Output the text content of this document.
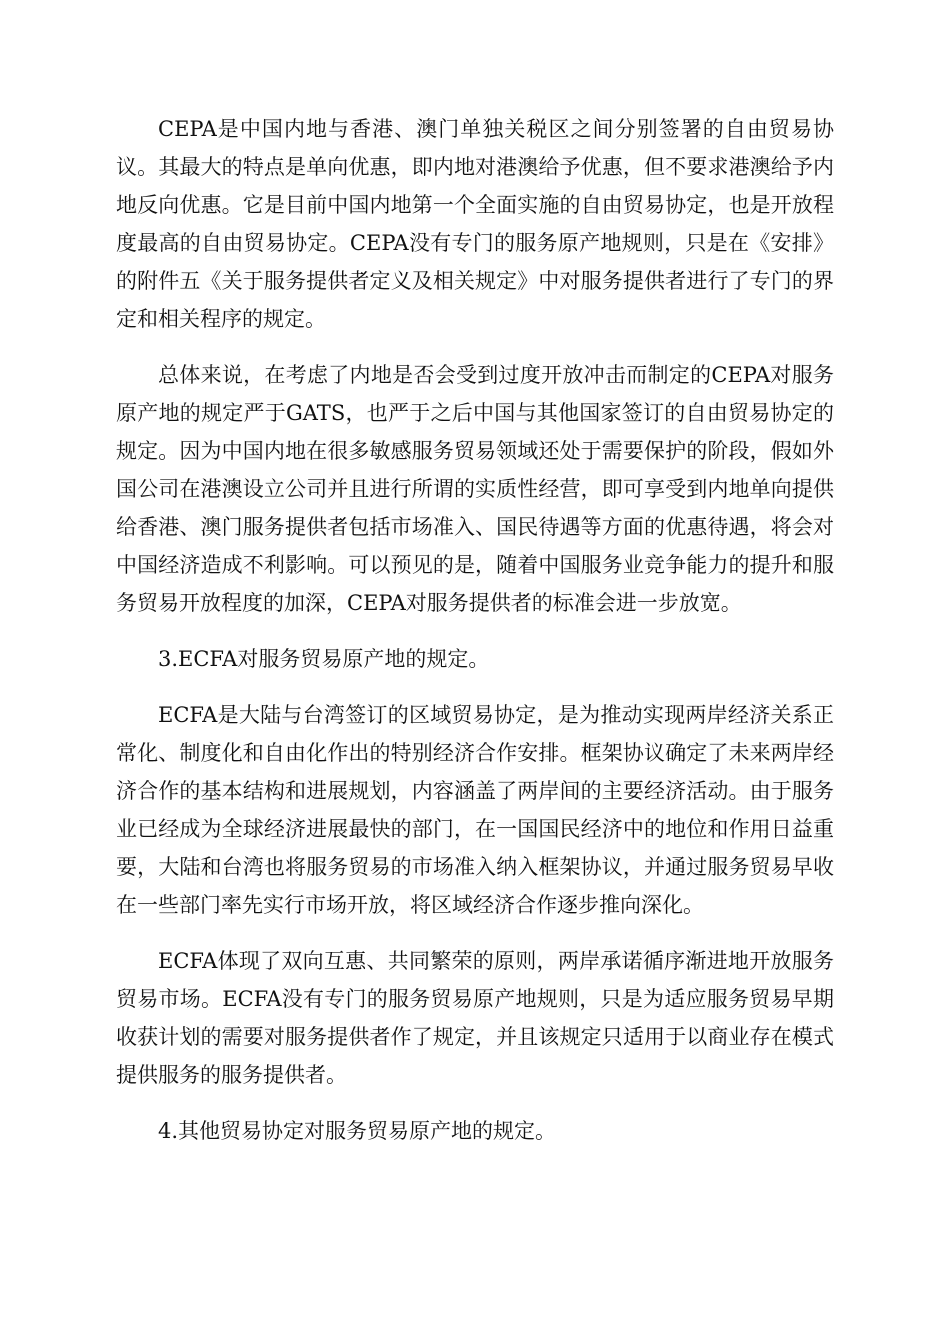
CEPA是中国内地与香港、澳门单独关税区之间分别签署的自由贸易协议。其最大的特点是单向优惠，即内地对港澳给予优惠，但不要求港澳给予内地反向优惠。它是目前中国内地第一个全面实施的自由贸易协定，也是开放程度最高的自由贸易协定。CEPA没有专门的服务原产地规则，只是在《安排》的附件五《关于服务提供者定义及相关规定》中对服务提供者进行了专门的界定和相关程序的规定。

总体来说，在考虑了内地是否会受到过度开放冲击而制定的CEPA对服务原产地的规定严于GATS，也严于之后中国与其他国家签订的自由贸易协定的规定。因为中国内地在很多敏感服务贸易领域还处于需要保护的阶段，假如外国公司在港澳设立公司并且进行所谓的实质性经营，即可享受到内地单向提供给香港、澳门服务提供者包括市场准入、国民待遇等方面的优惠待遇，将会对中国经济造成不利影响。可以预见的是，随着中国服务业竞争能力的提升和服务贸易开放程度的加深，CEPA对服务提供者的标准会进一步放宽。

3.ECFA对服务贸易原产地的规定。

ECFA是大陆与台湾签订的区域贸易协定，是为推动实现两岸经济关系正常化、制度化和自由化作出的特别经济合作安排。框架协议确定了未来两岸经济合作的基本结构和进展规划，内容涵盖了两岸间的主要经济活动。由于服务业已经成为全球经济进展最快的部门，在一国国民经济中的地位和作用日益重要，大陆和台湾也将服务贸易的市场准入纳入框架协议，并通过服务贸易早收在一些部门率先实行市场开放，将区域经济合作逐步推向深化。

ECFA体现了双向互惠、共同繁荣的原则，两岸承诺循序渐进地开放服务贸易市场。ECFA没有专门的服务贸易原产地规则，只是为适应服务贸易早期收获计划的需要对服务提供者作了规定，并且该规定只适用于以商业存在模式提供服务的服务提供者。

4.其他贸易协定对服务贸易原产地的规定。
